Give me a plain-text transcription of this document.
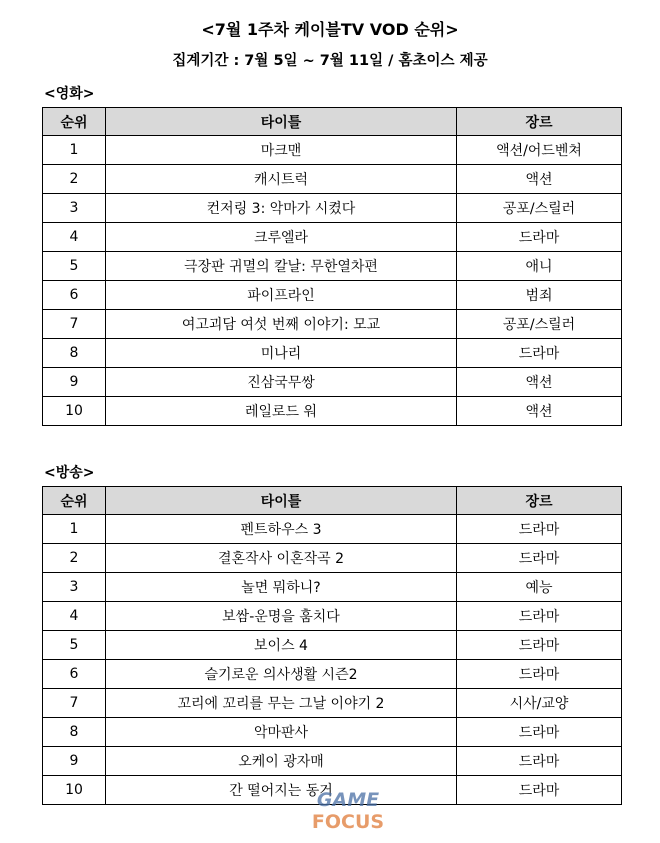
<7월 1주차 케이블TV VOD 순위>
집계기간 : 7월 5일 ~ 7월 11일 / 홈초이스 제공
<영화>
순위	타이틀	장르
1	마크맨	액션/어드벤쳐
2	캐시트럭	액션
3	컨저링 3: 악마가 시켰다	공포/스릴러
4	크루엘라	드라마
5	극장판 귀멸의 칼날: 무한열차편	애니
6	파이프라인	범죄
7	여고괴담 여섯 번째 이야기: 모교	공포/스릴러
8	미나리	드라마
9	진삼국무쌍	액션
10	레일로드 워	액션
<방송>
순위	타이틀	장르
1	펜트하우스 3	드라마
2	결혼작사 이혼작곡 2	드라마
3	놀면 뭐하니?	예능
4	보쌈-운명을 훔치다	드라마
5	보이스 4	드라마
6	슬기로운 의사생활 시즌2	드라마
7	꼬리에 꼬리를 무는 그날 이야기 2	시사/교양
8	악마판사	드라마
9	오케이 광자매	드라마
10	간 떨어지는 동거	드라마
GAME
FOCUS
